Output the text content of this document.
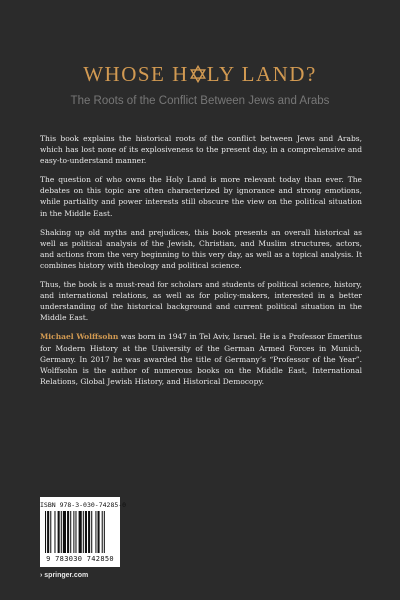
WHOSE H LY LAND?
The Roots of the Conflict Between Jews and Arabs

This book explains the historical roots of the conflict between Jews and Arabs, which has lost none of its explosiveness to the present day, in a comprehensive and easy-to-understand manner.

The question of who owns the Holy Land is more relevant today than ever. The debates on this topic are often characterized by ignorance and strong emotions, while partiality and power interests still obscure the view on the political situation in the Middle East.

Shaking up old myths and prejudices, this book presents an overall historical as well as political analysis of the Jewish, Christian, and Muslim structures, actors, and actions from the very beginning to this very day, as well as a topical analysis. It combines history with theology and political science.

Thus, the book is a must-read for scholars and students of political science, history, and international relations, as well as for policy-makers, interested in a better understanding of the historical background and current political situation in the Middle East.

Michael Wolffsohn was born in 1947 in Tel Aviv, Israel. He is a Professor Emeritus for Modern History at the University of the German Armed Forces in Munich, Germany. In 2017 he was awarded the title of Germany’s “Professor of the Year”. Wolffsohn is the author of numerous books on the Middle East, International Relations, Global Jewish History, and Historical Democopy.

ISBN 978-3-030-74285-0
9 783030 742850
› springer.com
